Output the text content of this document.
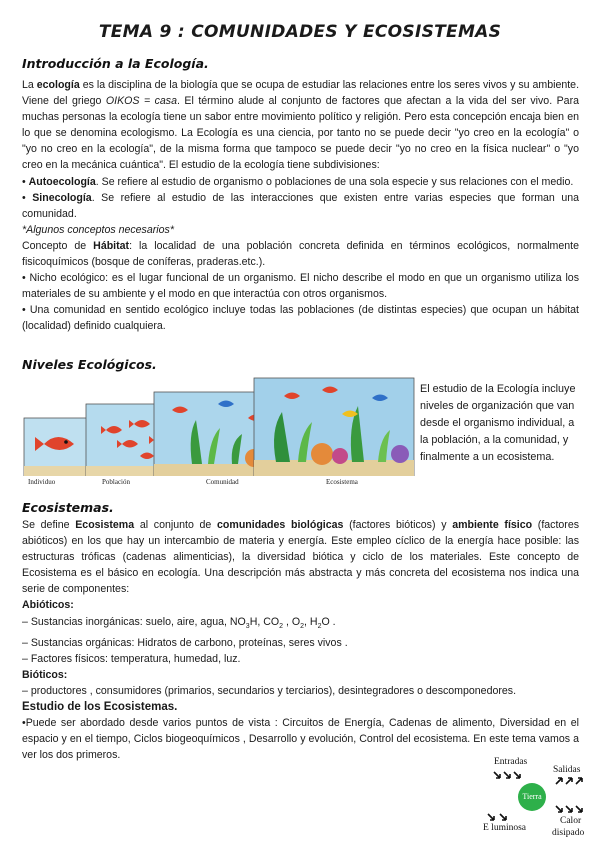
TEMA 9 : COMUNIDADES Y ECOSISTEMAS
Introducción a la Ecología.

La ecología es la disciplina de la biología que se ocupa de estudiar las relaciones entre los seres vivos y su ambiente. Viene del griego OIKOS = casa. El término alude al conjunto de factores que afectan a la vida del ser vivo. Para muchas personas la ecología tiene un sabor entre movimiento político y religión. Pero esta concepción encaja bien en lo que se denomina ecologismo. La Ecología es una ciencia, por tanto no se puede decir "yo creo en la ecología" o "yo no creo en la ecología", de la misma forma que tampoco se puede decir "yo no creo en la física nuclear" o "yo creo en la mecánica cuántica". El estudio de la ecología tiene subdivisiones:

• Autoecología. Se refiere al estudio de organismo o poblaciones de una sola especie y sus relaciones con el medio.

• Sinecología. Se refiere al estudio de las interacciones que existen entre varias especies que forman una comunidad.

*Algunos conceptos necesarios*

Concepto de Hábitat: la localidad de una población concreta definida en términos ecológicos, normalmente fisicoquímicos (bosque de coníferas, praderas.etc.).

• Nicho ecológico: es el lugar funcional de un organismo. El nicho describe el modo en que un organismo utiliza los materiales de su ambiente y el modo en que interactúa con otros organismos.

• Una comunidad en sentido ecológico incluye todas las poblaciones (de distintas especies) que ocupan un hábitat (localidad) definido cualquiera.

Niveles Ecológicos.
Individuo	Población	Comunidad	Ecosistema
El estudio de la Ecología incluye niveles de organización que van desde el organismo individual, a la población, a la comunidad, y finalmente a un ecosistema.
Ecosistemas.

Se define Ecosistema al conjunto de comunidades biológicas (factores bióticos) y ambiente físico (factores abióticos) en los que hay un intercambio de materia y energía. Este empleo cíclico de la energía hace posible: las estructuras tróficas (cadenas alimenticias), la diversidad biótica y ciclo de los materiales. Este concepto de Ecosistema es el básico en ecología. Una descripción más abstracta y más concreta del ecosistema nos indica una serie de componentes:

Abióticos:

– Sustancias inorgánicas: suelo, aire, agua, $NO_3H$, $CO_2$ , $O_2$, $H_2O$ .

– Sustancias orgánicas: Hidratos de carbono, proteínas, seres vivos .

– Factores físicos: temperatura, humedad, luz.

Bióticos:

– productores , consumidores (primarios, secundarios y terciarios), desintegradores o descomponedores.

Estudio de los Ecosistemas.

•Puede ser abordado desde varios puntos de vista : Circuitos de Energía, Cadenas de alimento, Diversidad en el espacio y en el tiempo, Ciclos biogeoquímicos , Desarrollo y evolución, Control del ecosistema. En este tema vamos a ver los dos primeros.

Entradas
Salidas
Tierra
E luminosa
Calor
disipado
